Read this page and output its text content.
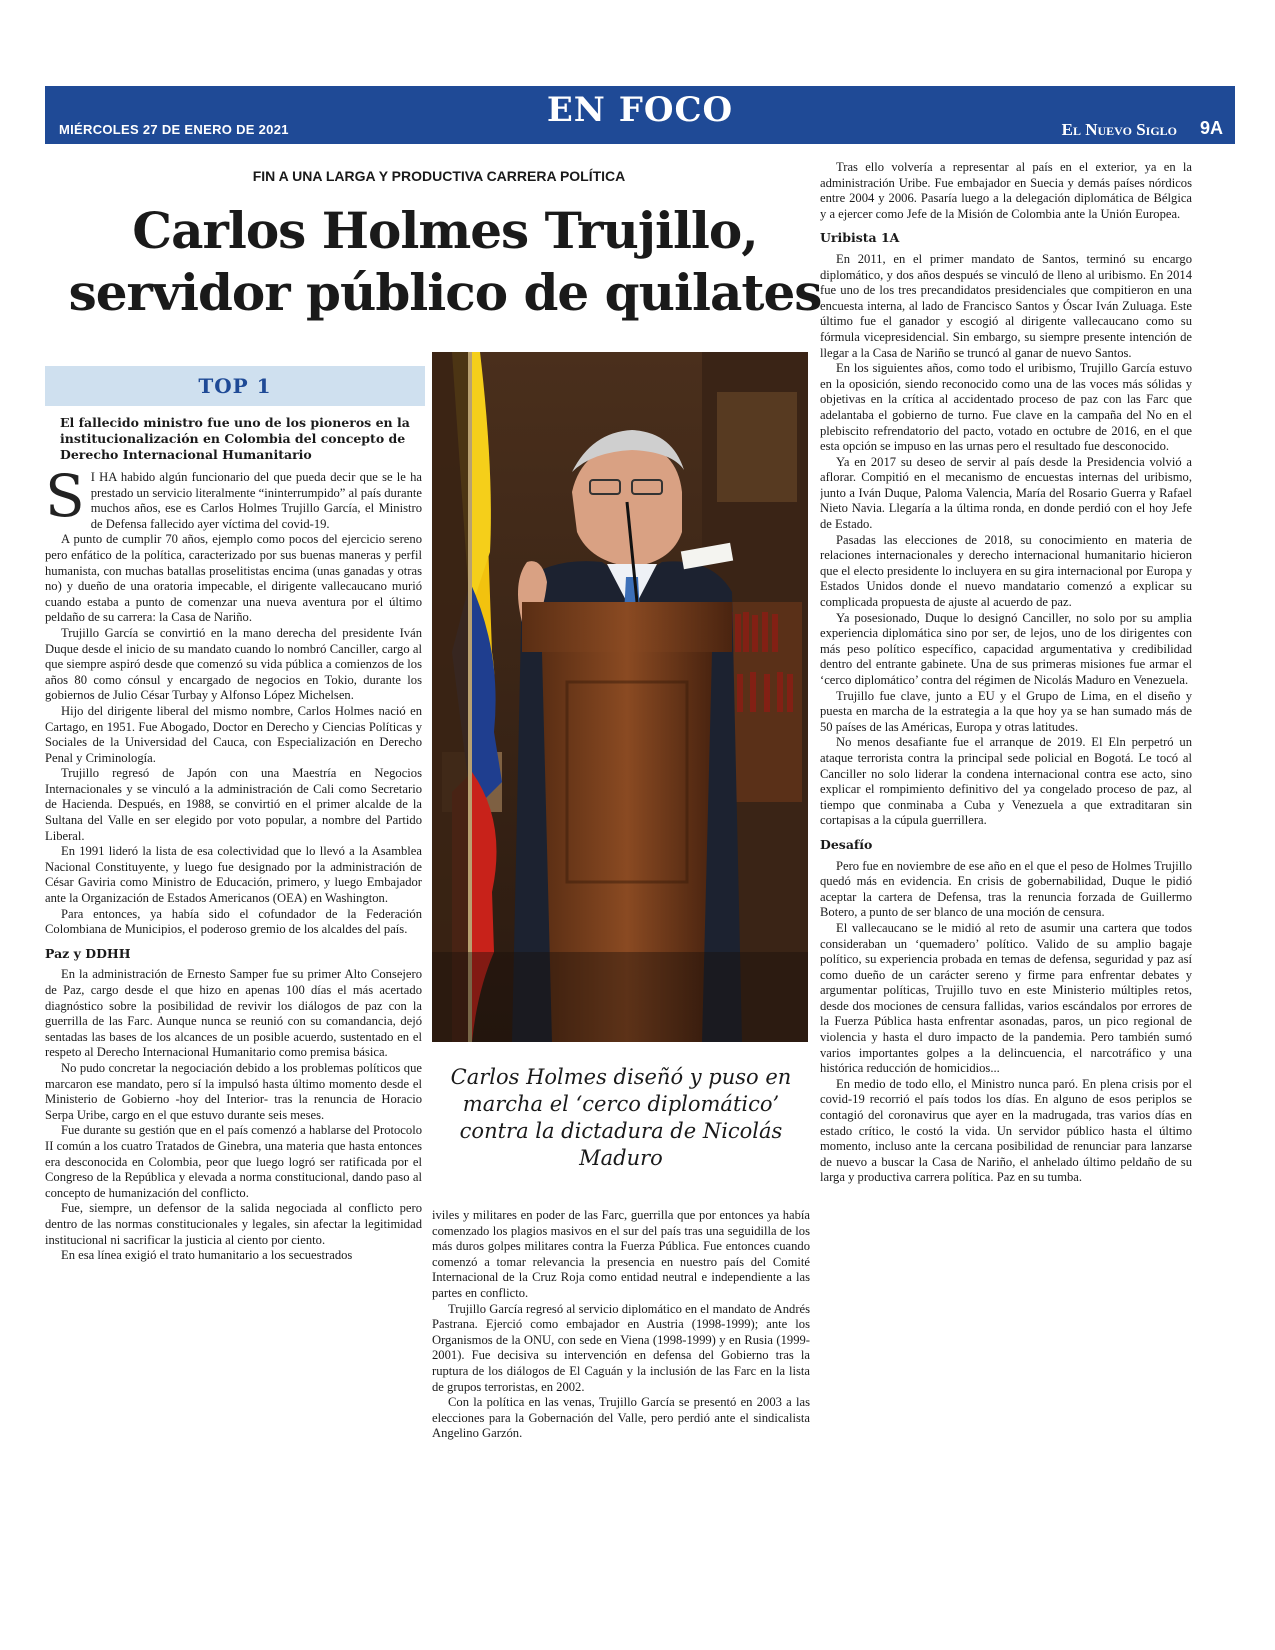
MIÉRCOLES 27 DE ENERO DE 2021	EN FOCO	El Nuevo Siglo 9A
FIN A UNA LARGA Y PRODUCTIVA CARRERA POLÍTICA
Carlos Holmes Trujillo,
servidor público de quilates
TOP 1
El fallecido ministro fue uno de los pioneros en la institucionalización en Colombia del concepto de Derecho Internacional Humanitario
S I HA habido algún funcionario del que pueda decir que se le ha prestado un servicio literalmente “ininterrumpido” al país durante muchos años, ese es Carlos Holmes Trujillo García, el Ministro de Defensa fallecido ayer víctima del covid-19.

A punto de cumplir 70 años, ejemplo como pocos del ejercicio sereno pero enfático de la política, caracterizado por sus buenas maneras y perfil humanista, con muchas batallas proselitistas encima (unas ganadas y otras no) y dueño de una oratoria impecable, el dirigente vallecaucano murió cuando estaba a punto de comenzar una nueva aventura por el último peldaño de su carrera: la Casa de Nariño.

Trujillo García se convirtió en la mano derecha del presidente Iván Duque desde el inicio de su mandato cuando lo nombró Canciller, cargo al que siempre aspiró desde que comenzó su vida pública a comienzos de los años 80 como cónsul y encargado de negocios en Tokio, durante los gobiernos de Julio César Turbay y Alfonso López Michelsen.

Hijo del dirigente liberal del mismo nombre, Carlos Holmes nació en Cartago, en 1951. Fue Abogado, Doctor en Derecho y Ciencias Políticas y Sociales de la Universidad del Cauca, con Especialización en Derecho Penal y Criminología.

Trujillo regresó de Japón con una Maestría en Negocios Internacionales y se vinculó a la administración de Cali como Secretario de Hacienda. Después, en 1988, se convirtió en el primer alcalde de la Sultana del Valle en ser elegido por voto popular, a nombre del Partido Liberal.

En 1991 lideró la lista de esa colectividad que lo llevó a la Asamblea Nacional Constituyente, y luego fue designado por la administración de César Gaviria como Ministro de Educación, primero, y luego Embajador ante la Organización de Estados Americanos (OEA) en Washington.

Para entonces, ya había sido el cofundador de la Federación Colombiana de Municipios, el poderoso gremio de los alcaldes del país.

Paz y DDHH

En la administración de Ernesto Samper fue su primer Alto Consejero de Paz, cargo desde el que hizo en apenas 100 días el más acertado diagnóstico sobre la posibilidad de revivir los diálogos de paz con la guerrilla de las Farc. Aunque nunca se reunió con su comandancia, dejó sentadas las bases de los alcances de un posible acuerdo, sustentado en el respeto al Derecho Internacional Humanitario como premisa básica.

No pudo concretar la negociación debido a los problemas políticos que marcaron ese mandato, pero sí la impulsó hasta último momento desde el Ministerio de Gobierno -hoy del Interior- tras la renuncia de Horacio Serpa Uribe, cargo en el que estuvo durante seis meses.

Fue durante su gestión que en el país comenzó a hablarse del Protocolo II común a los cuatro Tratados de Ginebra, una materia que hasta entonces era desconocida en Colombia, peor que luego logró ser ratificada por el Congreso de la República y elevada a norma constitucional, dando paso al concepto de humanización del conflicto.

Fue, siempre, un defensor de la salida negociada al conflicto pero dentro de las normas constitucionales y legales, sin afectar la legitimidad institucional ni sacrificar la justicia al ciento por ciento.

En esa línea exigió el trato humanitario a los secuestrados

Carlos Holmes diseñó y puso en marcha el ‘cerco diplomático’ contra la dictadura de Nicolás Maduro

iviles y militares en poder de las Farc, guerrilla que por entonces ya había comenzado los plagios masivos en el sur del país tras una seguidilla de los más duros golpes militares contra la Fuerza Pública. Fue entonces cuando comenzó a tomar relevancia la presencia en nuestro país del Comité Internacional de la Cruz Roja como entidad neutral e independiente a las partes en conflicto.

Trujillo García regresó al servicio diplomático en el mandato de Andrés Pastrana. Ejerció como embajador en Austria (1998-1999); ante los Organismos de la ONU, con sede en Viena (1998-1999) y en Rusia (1999-2001). Fue decisiva su intervención en defensa del Gobierno tras la ruptura de los diálogos de El Caguán y la inclusión de las Farc en la lista de grupos terroristas, en 2002.

Con la política en las venas, Trujillo García se presentó en 2003 a las elecciones para la Gobernación del Valle, pero perdió ante el sindicalista Angelino Garzón.

Tras ello volvería a representar al país en el exterior, ya en la administración Uribe. Fue embajador en Suecia y demás países nórdicos entre 2004 y 2006. Pasaría luego a la delegación diplomática de Bélgica y a ejercer como Jefe de la Misión de Colombia ante la Unión Europea.

Uribista 1A

En 2011, en el primer mandato de Santos, terminó su encargo diplomático, y dos años después se vinculó de lleno al uribismo. En 2014 fue uno de los tres precandidatos presidenciales que compitieron en una encuesta interna, al lado de Francisco Santos y Óscar Iván Zuluaga. Este último fue el ganador y escogió al dirigente vallecaucano como su fórmula vicepresidencial. Sin embargo, su siempre presente intención de llegar a la Casa de Nariño se truncó al ganar de nuevo Santos.

En los siguientes años, como todo el uribismo, Trujillo García estuvo en la oposición, siendo reconocido como una de las voces más sólidas y objetivas en la crítica al accidentado proceso de paz con las Farc que adelantaba el gobierno de turno. Fue clave en la campaña del No en el plebiscito refrendatorio del pacto, votado en octubre de 2016, en el que esta opción se impuso en las urnas pero el resultado fue desconocido.

Ya en 2017 su deseo de servir al país desde la Presidencia volvió a aflorar. Compitió en el mecanismo de encuestas internas del uribismo, junto a Iván Duque, Paloma Valencia, María del Rosario Guerra y Rafael Nieto Navia. Llegaría a la última ronda, en donde perdió con el hoy Jefe de Estado.

Pasadas las elecciones de 2018, su conocimiento en materia de relaciones internacionales y derecho internacional humanitario hicieron que el electo presidente lo incluyera en su gira internacional por Europa y Estados Unidos donde el nuevo mandatario comenzó a explicar su complicada propuesta de ajuste al acuerdo de paz.

Ya posesionado, Duque lo designó Canciller, no solo por su amplia experiencia diplomática sino por ser, de lejos, uno de los dirigentes con más peso político específico, capacidad argumentativa y credibilidad dentro del entrante gabinete. Una de sus primeras misiones fue armar el ‘cerco diplomático’ contra del régimen de Nicolás Maduro en Venezuela.

Trujillo fue clave, junto a EU y el Grupo de Lima, en el diseño y puesta en marcha de la estrategia a la que hoy ya se han sumado más de 50 países de las Américas, Europa y otras latitudes.

No menos desafiante fue el arranque de 2019. El Eln perpetró un ataque terrorista contra la principal sede policial en Bogotá. Le tocó al Canciller no solo liderar la condena internacional contra ese acto, sino explicar el rompimiento definitivo del ya congelado proceso de paz, al tiempo que conminaba a Cuba y Venezuela a que extraditaran sin cortapisas a la cúpula guerrillera.

Desafío

Pero fue en noviembre de ese año en el que el peso de Holmes Trujillo quedó más en evidencia. En crisis de gobernabilidad, Duque le pidió aceptar la cartera de Defensa, tras la renuncia forzada de Guillermo Botero, a punto de ser blanco de una moción de censura.

El vallecaucano se le midió al reto de asumir una cartera que todos consideraban un ‘quemadero’ político. Valido de su amplio bagaje político, su experiencia probada en temas de defensa, seguridad y paz así como dueño de un carácter sereno y firme para enfrentar debates y argumentar políticas, Trujillo tuvo en este Ministerio múltiples retos, desde dos mociones de censura fallidas, varios escándalos por errores de la Fuerza Pública hasta enfrentar asonadas, paros, un pico regional de violencia y hasta el duro impacto de la pandemia. Pero también sumó varios importantes golpes a la delincuencia, el narcotráfico y una histórica reducción de homicidios...

En medio de todo ello, el Ministro nunca paró. En plena crisis por el covid-19 recorrió el país todos los días. En alguno de esos periplos se contagió del coronavirus que ayer en la madrugada, tras varios días en estado crítico, le costó la vida. Un servidor público hasta el último momento, incluso ante la cercana posibilidad de renunciar para lanzarse de nuevo a buscar la Casa de Nariño, el anhelado último peldaño de su larga y productiva carrera política. Paz en su tumba.
